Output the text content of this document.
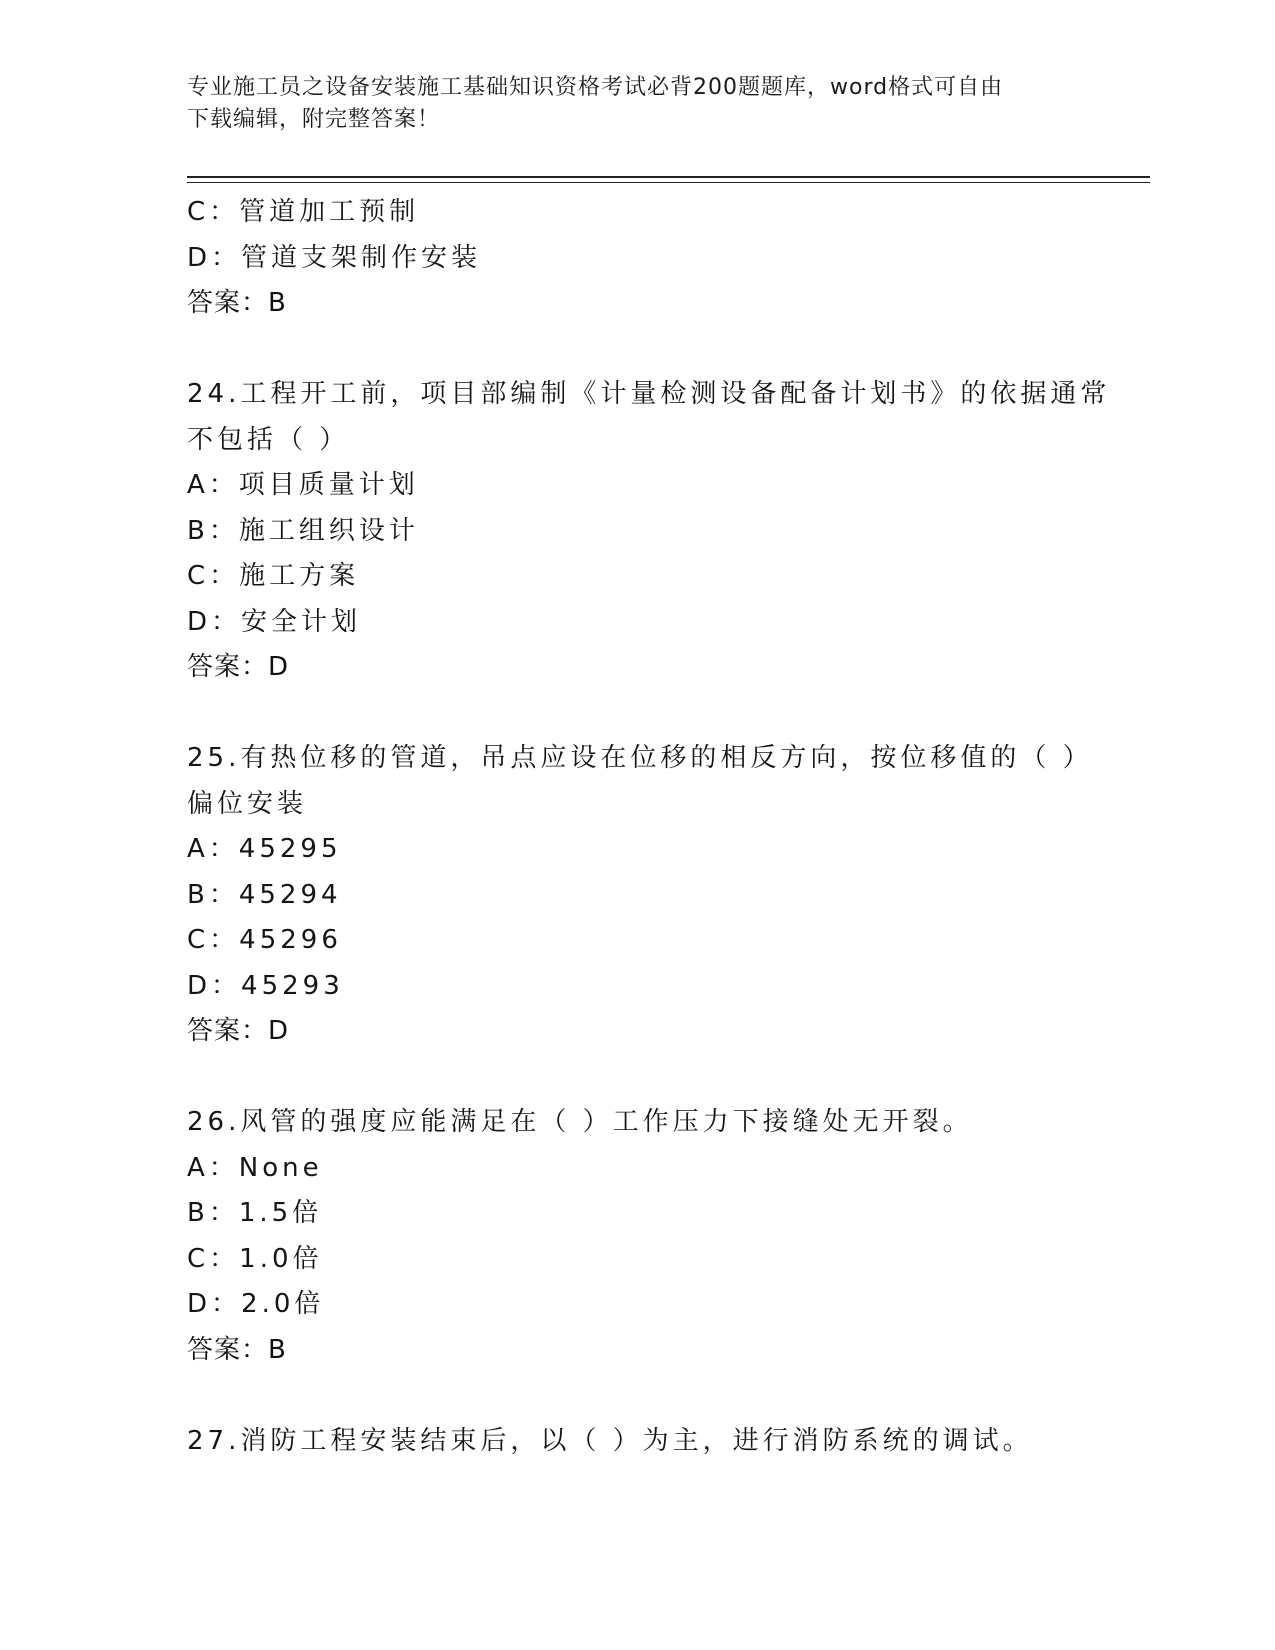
专业施工员之设备安装施工基础知识资格考试必背200题题库，word格式可自由
下载编辑，附完整答案！
C：管道加工预制
D：管道支架制作安装
答案：B
24.工程开工前，项目部编制《计量检测设备配备计划书》的依据通常
不包括（ ）
A：项目质量计划
B：施工组织设计
C：施工方案
D：安全计划
答案：D
25.有热位移的管道，吊点应设在位移的相反方向，按位移值的（ ）
偏位安装
A：45295
B：45294
C：45296
D：45293
答案：D
26.风管的强度应能满足在（ ）工作压力下接缝处无开裂。
A：None
B：1.5倍
C：1.0倍
D：2.0倍
答案：B
27.消防工程安装结束后，以（ ）为主，进行消防系统的调试。
